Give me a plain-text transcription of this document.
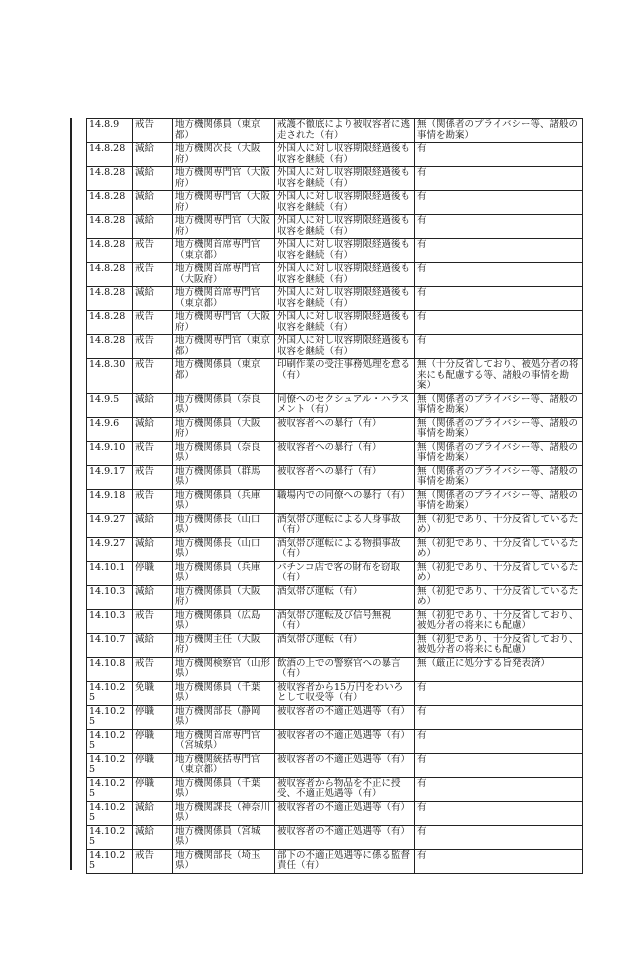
14.8.9	戒告	地方機関係員（東京都）	戒護不徹底により被収容者に逃走された（有）	無（関係者のプライバシー等、諸般の事情を勘案）
14.8.28	減給	地方機関次長（大阪府）	外国人に対し収容期限経過後も収容を継続（有）	有
14.8.28	減給	地方機関専門官（大阪府）	外国人に対し収容期限経過後も収容を継続（有）	有
14.8.28	減給	地方機関専門官（大阪府）	外国人に対し収容期限経過後も収容を継続（有）	有
14.8.28	減給	地方機関専門官（大阪府）	外国人に対し収容期限経過後も収容を継続（有）	有
14.8.28	戒告	地方機関首席専門官（東京都）	外国人に対し収容期限経過後も収容を継続（有）	有
14.8.28	戒告	地方機関首席専門官（大阪府）	外国人に対し収容期限経過後も収容を継続（有）	有
14.8.28	減給	地方機関首席専門官（東京都）	外国人に対し収容期限経過後も収容を継続（有）	有
14.8.28	戒告	地方機関専門官（大阪府）	外国人に対し収容期限経過後も収容を継続（有）	有
14.8.28	戒告	地方機関専門官（東京都）	外国人に対し収容期限経過後も収容を継続（有）	有
14.8.30	戒告	地方機関係員（東京都）	印刷作業の受注事務処理を怠る（有）	無（十分反省しており、被処分者の将来にも配慮する等、諸般の事情を勘案）
14.9.5	減給	地方機関係員（奈良県）	同僚へのセクシュアル・ハラスメント（有）	無（関係者のプライバシー等、諸般の事情を勘案）
14.9.6	減給	地方機関係員（大阪府）	被収容者への暴行（有）	無（関係者のプライバシー等、諸般の事情を勘案）
14.9.10	戒告	地方機関係員（奈良県）	被収容者への暴行（有）	無（関係者のプライバシー等、諸般の事情を勘案）
14.9.17	戒告	地方機関係員（群馬県）	被収容者への暴行（有）	無（関係者のプライバシー等、諸般の事情を勘案）
14.9.18	戒告	地方機関係員（兵庫県）	職場内での同僚への暴行（有）	無（関係者のプライバシー等、諸般の事情を勘案）
14.9.27	減給	地方機関係長（山口県）	酒気帯び運転による人身事故（有）	無（初犯であり、十分反省しているため）
14.9.27	減給	地方機関係長（山口県）	酒気帯び運転による物損事故（有）	無（初犯であり、十分反省しているため）
14.10.1	停職	地方機関係員（兵庫県）	パチンコ店で客の財布を窃取（有）	無（初犯であり、十分反省しているため）
14.10.3	減給	地方機関係員（大阪府）	酒気帯び運転（有）	無（初犯であり、十分反省しているため）
14.10.3	戒告	地方機関係員（広島県）	酒気帯び運転及び信号無視（有）	無（初犯であり、十分反省しており、被処分者の将来にも配慮）
14.10.7	減給	地方機関主任（大阪府）	酒気帯び運転（有）	無（初犯であり、十分反省しており、被処分者の将来にも配慮）
14.10.8	戒告	地方機関検察官（山形県）	飲酒の上での警察官への暴言（有）	無（厳正に処分する旨発表済）
14.10.25	免職	地方機関係員（千葉県）	被収容者から15万円をわいろとして収受等（有）	有
14.10.25	停職	地方機関部長（静岡県）	被収容者の不適正処遇等（有）	有
14.10.25	停職	地方機関首席専門官（宮城県）	被収容者の不適正処遇等（有）	有
14.10.25	停職	地方機関統括専門官（東京都）	被収容者の不適正処遇等（有）	有
14.10.25	停職	地方機関係員（千葉県）	被収容者から物品を不正に授受、不適正処遇等（有）	有
14.10.25	減給	地方機関課長（神奈川県）	被収容者の不適正処遇等（有）	有
14.10.25	減給	地方機関係員（宮城県）	被収容者の不適正処遇等（有）	有
14.10.25	戒告	地方機関部長（埼玉県）	部下の不適正処遇等に係る監督責任（有）	有
